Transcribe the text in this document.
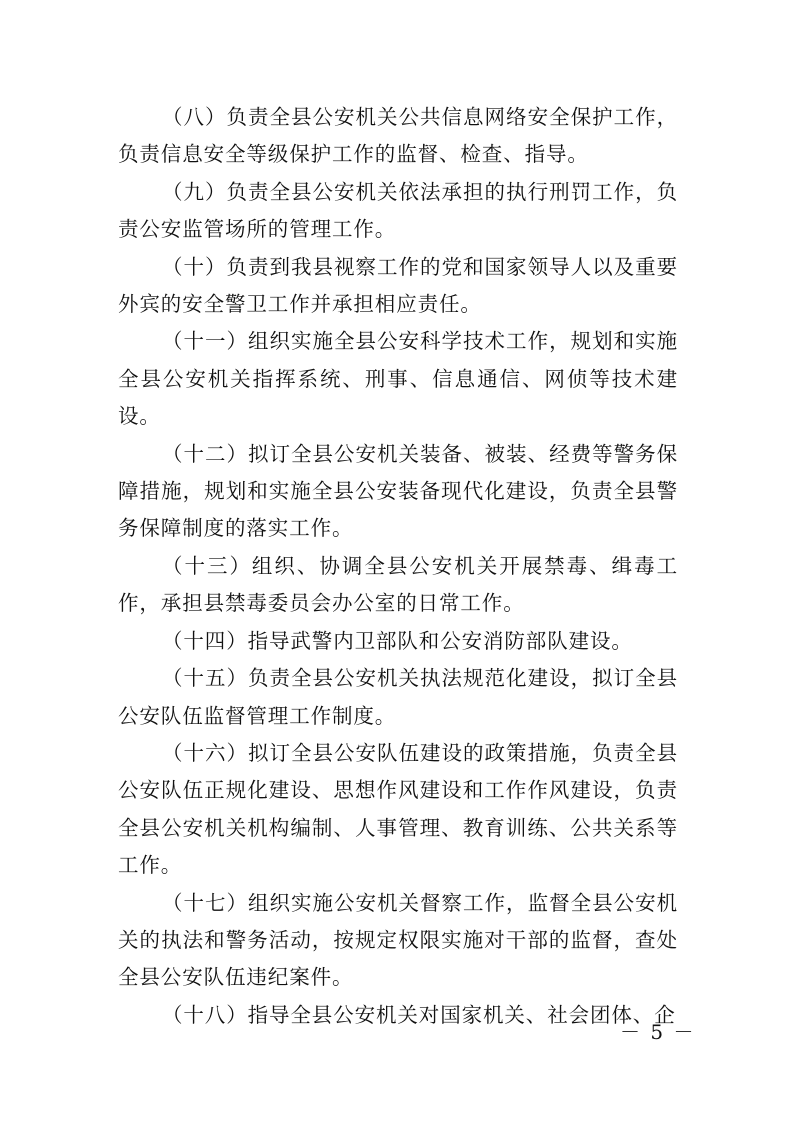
（八）负责全县公安机关公共信息网络安全保护工作，负责信息安全等级保护工作的监督、检查、指导。

（九）负责全县公安机关依法承担的执行刑罚工作，负责公安监管场所的管理工作。

（十）负责到我县视察工作的党和国家领导人以及重要外宾的安全警卫工作并承担相应责任。

（十一）组织实施全县公安科学技术工作，规划和实施全县公安机关指挥系统、刑事、信息通信、网侦等技术建设。

（十二）拟订全县公安机关装备、被装、经费等警务保障措施，规划和实施全县公安装备现代化建设，负责全县警务保障制度的落实工作。

（十三）组织、协调全县公安机关开展禁毒、缉毒工作，承担县禁毒委员会办公室的日常工作。

（十四）指导武警内卫部队和公安消防部队建设。

（十五）负责全县公安机关执法规范化建设，拟订全县公安队伍监督管理工作制度。

（十六）拟订全县公安队伍建设的政策措施，负责全县公安队伍正规化建设、思想作风建设和工作作风建设，负责全县公安机关机构编制、人事管理、教育训练、公共关系等工作。

（十七）组织实施公安机关督察工作，监督全县公安机关的执法和警务活动，按规定权限实施对干部的监督，查处全县公安队伍违纪案件。

（十八）指导全县公安机关对国家机关、社会团体、企

－ 5 －
